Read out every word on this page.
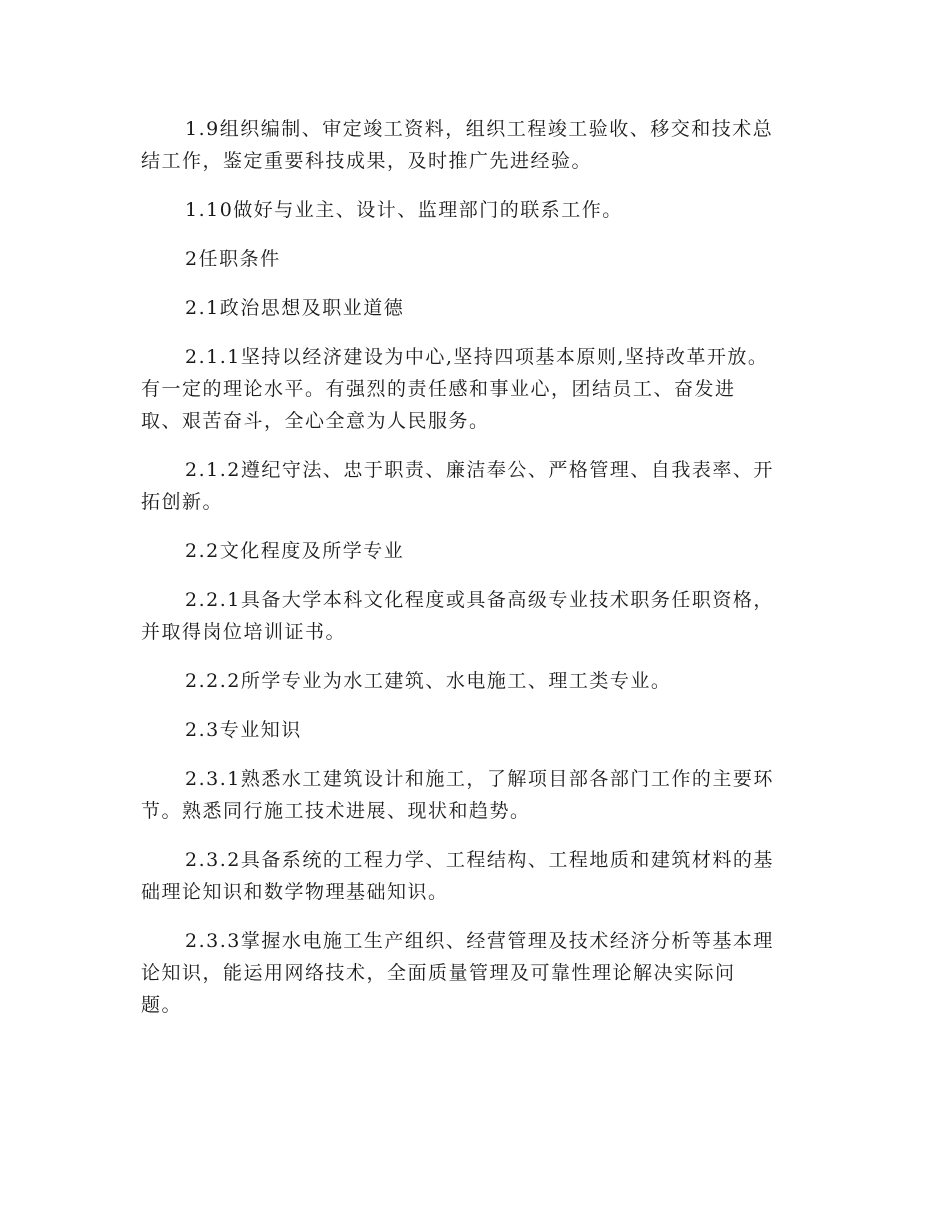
1.9组织编制、审定竣工资料，组织工程竣工验收、移交和技术总
结工作，鉴定重要科技成果，及时推广先进经验。

1.10做好与业主、设计、监理部门的联系工作。

2任职条件

2.1政治思想及职业道德

2.1.1坚持以经济建设为中心,坚持四项基本原则,坚持改革开放。
有一定的理论水平。有强烈的责任感和事业心，团结员工、奋发进
取、艰苦奋斗，全心全意为人民服务。

2.1.2遵纪守法、忠于职责、廉洁奉公、严格管理、自我表率、开
拓创新。

2.2文化程度及所学专业

2.2.1具备大学本科文化程度或具备高级专业技术职务任职资格，
并取得岗位培训证书。

2.2.2所学专业为水工建筑、水电施工、理工类专业。

2.3专业知识

2.3.1熟悉水工建筑设计和施工，了解项目部各部门工作的主要环
节。熟悉同行施工技术进展、现状和趋势。

2.3.2具备系统的工程力学、工程结构、工程地质和建筑材料的基
础理论知识和数学物理基础知识。

2.3.3掌握水电施工生产组织、经营管理及技术经济分析等基本理
论知识，能运用网络技术，全面质量管理及可靠性理论解决实际问
题。
